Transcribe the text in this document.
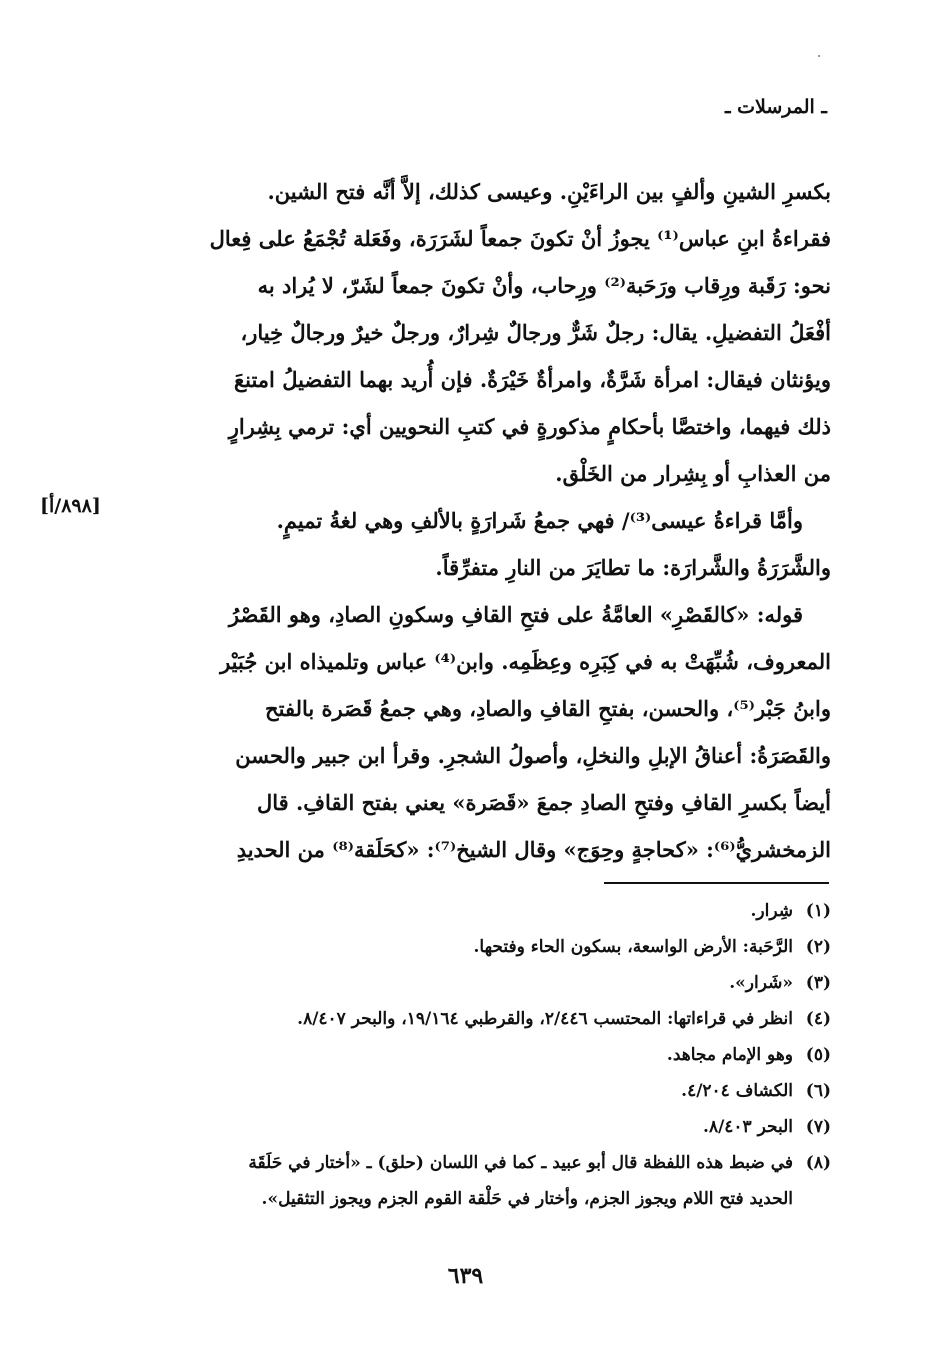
ـ المرسلات ـ
بكسرِ الشينِ وألفٍ بين الراءَيْنِ. وعيسى كذلك، إلاَّ أنَّه فتح الشين.
فقراءةُ ابنِ عباس⁽¹⁾ يجوزُ أنْ تكونَ جمعاً لشَرَرَة، وفَعَلة تُجْمَعُ على فِعال
نحو: رَقَبة ورِقاب ورَحَبة⁽²⁾ ورِحاب، وأنْ تكونَ جمعاً لشَرّ، لا يُراد به
أفْعَلُ التفضيلِ. يقال: رجلٌ شَرٌّ ورجالٌ شِرارٌ، ورجلٌ خيرٌ ورجالٌ خِيار،
ويؤنثان فيقال: امرأة شَرَّةٌ، وامرأةٌ خَيْرَةٌ. فإن أُريد بهما التفضيلُ امتنعَ
ذلك فيهما، واختصَّا بأحكامٍ مذكورةٍ في كتبِ النحويين أي: ترمي بِشِرارٍ
من العذابِ أو بِشِرار من الخَلْق.
وأمَّا قراءةُ عيسى⁽³⁾/ فهي جمعُ شَرارَةٍ بالألفِ وهي لغةُ تميمٍ.
والشَّرَرَةُ والشَّرارَة: ما تطايَرَ من النارِ متفرِّقاً.
قوله: «كالقَصْرِ» العامَّةُ على فتحِ القافِ وسكونِ الصادِ، وهو القَصْرُ
المعروف، شُبِّهَتْ به في كِبَرِه وعِظَمِه. وابن⁽⁴⁾ عباس وتلميذاه ابن جُبَيْر
وابنُ جَبْر⁽⁵⁾، والحسن، بفتحِ القافِ والصادِ، وهي جمعُ قَصَرة بالفتح
والقَصَرَةُ: أعناقُ الإبلِ والنخلِ، وأصولُ الشجرِ. وقرأ ابن جبير والحسن
أيضاً بكسرِ القافِ وفتحِ الصادِ جمعَ «قَصَرة» يعني بفتح القافِ. قال
الزمخشريُّ⁽⁶⁾: «كحاجةٍ وحِوَج» وقال الشيخ⁽⁷⁾: «كحَلَقة⁽⁸⁾ من الحديدِ
[٨٩٨/أ]
(١)
شِرار.
(٢)
الرَّحَبة: الأرض الواسعة، بسكون الحاء وفتحها.
(٣)
«شَرار».
(٤)
انظر في قراءاتها: المحتسب ٢/٤٤٦، والقرطبي ١٩/١٦٤، والبحر ٨/٤٠٧.
(٥)
وهو الإمام مجاهد.
(٦)
الكشاف ٤/٢٠٤.
(٧)
البحر ٨/٤٠٣.
(٨)
في ضبط هذه اللفظة قال أبو عبيد ـ كما في اللسان (حلق) ـ «أختار في حَلَقَة
الحديد فتح اللام ويجوز الجزم، وأختار في حَلْقة القوم الجزم ويجوز التثقيل».
٦٣٩
